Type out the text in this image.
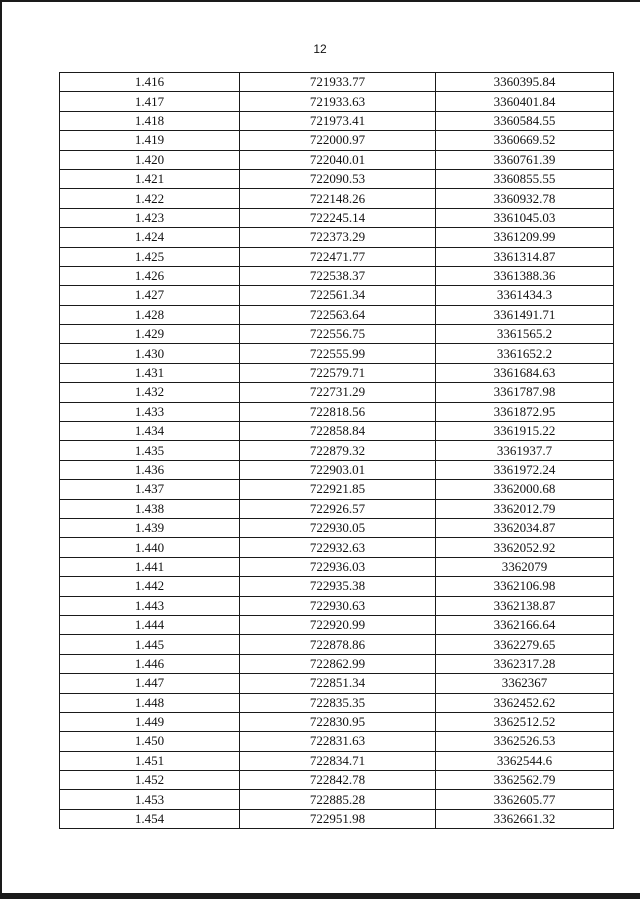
12
1.416	721933.77	3360395.84
1.417	721933.63	3360401.84
1.418	721973.41	3360584.55
1.419	722000.97	3360669.52
1.420	722040.01	3360761.39
1.421	722090.53	3360855.55
1.422	722148.26	3360932.78
1.423	722245.14	3361045.03
1.424	722373.29	3361209.99
1.425	722471.77	3361314.87
1.426	722538.37	3361388.36
1.427	722561.34	3361434.3
1.428	722563.64	3361491.71
1.429	722556.75	3361565.2
1.430	722555.99	3361652.2
1.431	722579.71	3361684.63
1.432	722731.29	3361787.98
1.433	722818.56	3361872.95
1.434	722858.84	3361915.22
1.435	722879.32	3361937.7
1.436	722903.01	3361972.24
1.437	722921.85	3362000.68
1.438	722926.57	3362012.79
1.439	722930.05	3362034.87
1.440	722932.63	3362052.92
1.441	722936.03	3362079
1.442	722935.38	3362106.98
1.443	722930.63	3362138.87
1.444	722920.99	3362166.64
1.445	722878.86	3362279.65
1.446	722862.99	3362317.28
1.447	722851.34	3362367
1.448	722835.35	3362452.62
1.449	722830.95	3362512.52
1.450	722831.63	3362526.53
1.451	722834.71	3362544.6
1.452	722842.78	3362562.79
1.453	722885.28	3362605.77
1.454	722951.98	3362661.32
